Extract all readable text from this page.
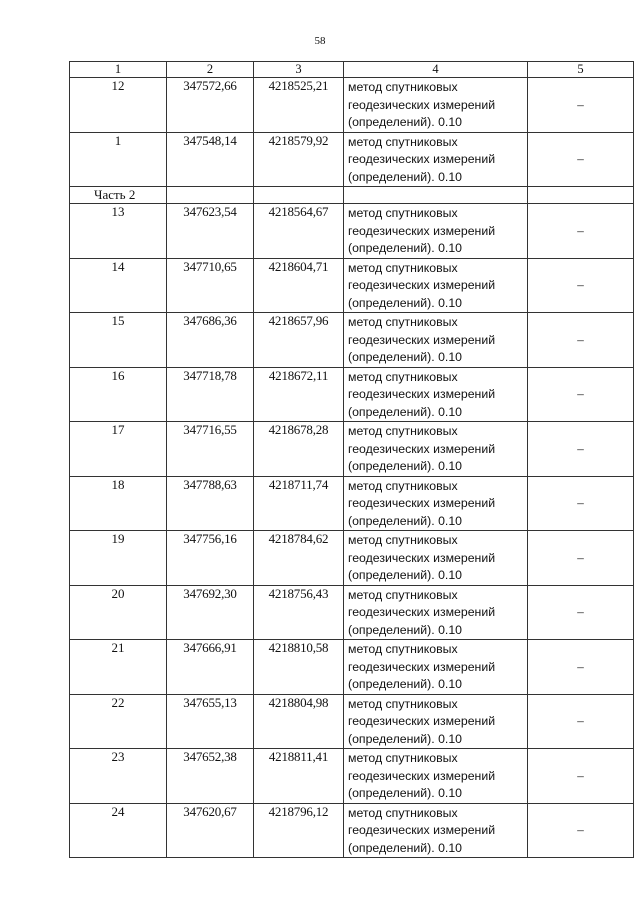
58
1	2	3	4	5
12	347572,66	4218525,21	метод спутниковых
геодезических измерений
(определений). 0.10	–
1	347548,14	4218579,92	метод спутниковых
геодезических измерений
(определений). 0.10	–
Часть 2				
13	347623,54	4218564,67	метод спутниковых
геодезических измерений
(определений). 0.10	–
14	347710,65	4218604,71	метод спутниковых
геодезических измерений
(определений). 0.10	–
15	347686,36	4218657,96	метод спутниковых
геодезических измерений
(определений). 0.10	–
16	347718,78	4218672,11	метод спутниковых
геодезических измерений
(определений). 0.10	–
17	347716,55	4218678,28	метод спутниковых
геодезических измерений
(определений). 0.10	–
18	347788,63	4218711,74	метод спутниковых
геодезических измерений
(определений). 0.10	–
19	347756,16	4218784,62	метод спутниковых
геодезических измерений
(определений). 0.10	–
20	347692,30	4218756,43	метод спутниковых
геодезических измерений
(определений). 0.10	–
21	347666,91	4218810,58	метод спутниковых
геодезических измерений
(определений). 0.10	–
22	347655,13	4218804,98	метод спутниковых
геодезических измерений
(определений). 0.10	–
23	347652,38	4218811,41	метод спутниковых
геодезических измерений
(определений). 0.10	–
24	347620,67	4218796,12	метод спутниковых
геодезических измерений
(определений). 0.10	–
